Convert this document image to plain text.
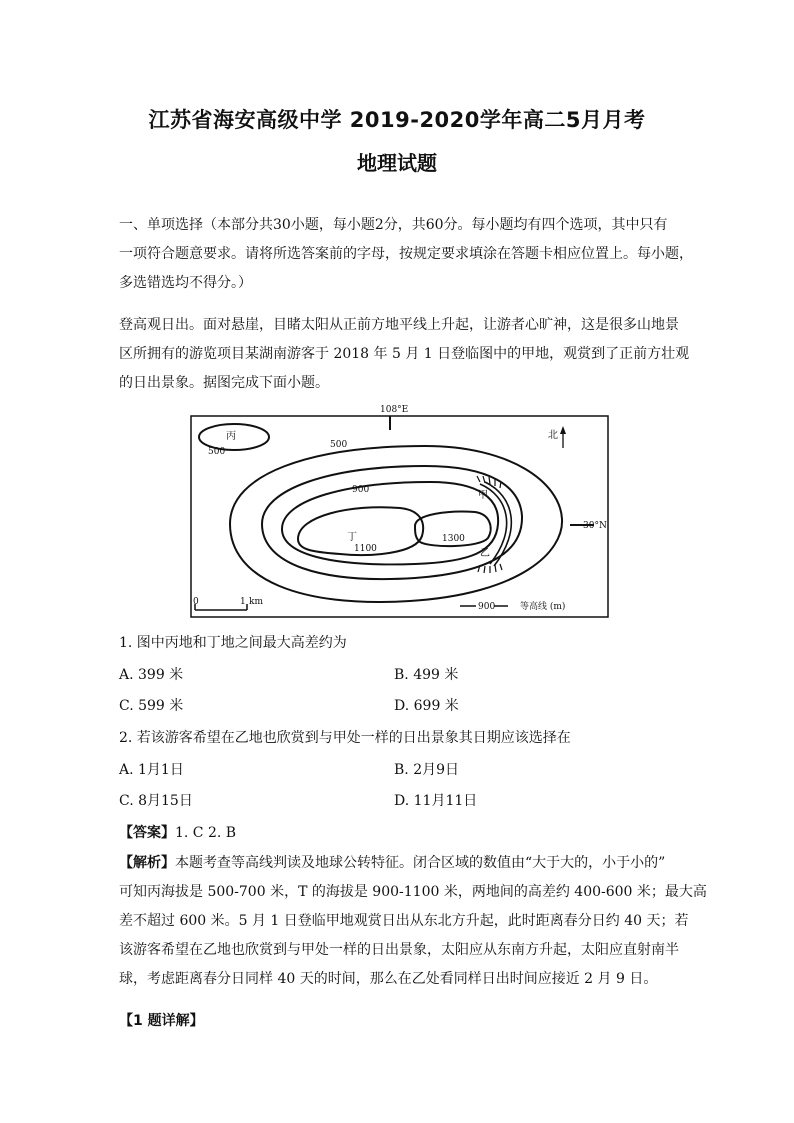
江苏省海安高级中学 2019-2020学年高二5月月考
地理试题
一、单项选择（本部分共30小题，每小题2分，共60分。每小题均有四个选项，其中只有
一项符合题意要求。请将所选答案前的字母，按规定要求填涂在答题卡相应位置上。每小题，
多选错选均不得分。）
登高观日出。面对悬崖，目睹太阳从正前方地平线上升起，让游者心旷神，这是很多山地景
区所拥有的游览项目某湖南游客于 2018 年 5 月 1 日登临图中的甲地，观赏到了正前方壮观
的日出景象。据图完成下面小题。
108°E
30°N
北
丙
500
500
900
丁
1100
1300
甲
乙
0	1 km	900	等高线 (m)
1. 图中丙地和丁地之间最大高差约为
A. 399 米	B. 499 米
C. 599 米	D. 699 米
2. 若该游客希望在乙地也欣赏到与甲处一样的日出景象其日期应该选择在
A. 1月1日	B. 2月9日
C. 8月15日	D. 11月11日
【答案】1. C 2. B
【解析】本题考查等高线判读及地球公转特征。闭合区域的数值由“大于大的，小于小的”
可知丙海拔是 500-700 米，T 的海拔是 900-1100 米，两地间的高差约 400-600 米；最大高
差不超过 600 米。5 月 1 日登临甲地观赏日出从东北方升起，此时距离春分日约 40 天；若
该游客希望在乙地也欣赏到与甲处一样的日出景象，太阳应从东南方升起，太阳应直射南半
球，考虑距离春分日同样 40 天的时间，那么在乙处看同样日出时间应接近 2 月 9 日。
【1 题详解】
